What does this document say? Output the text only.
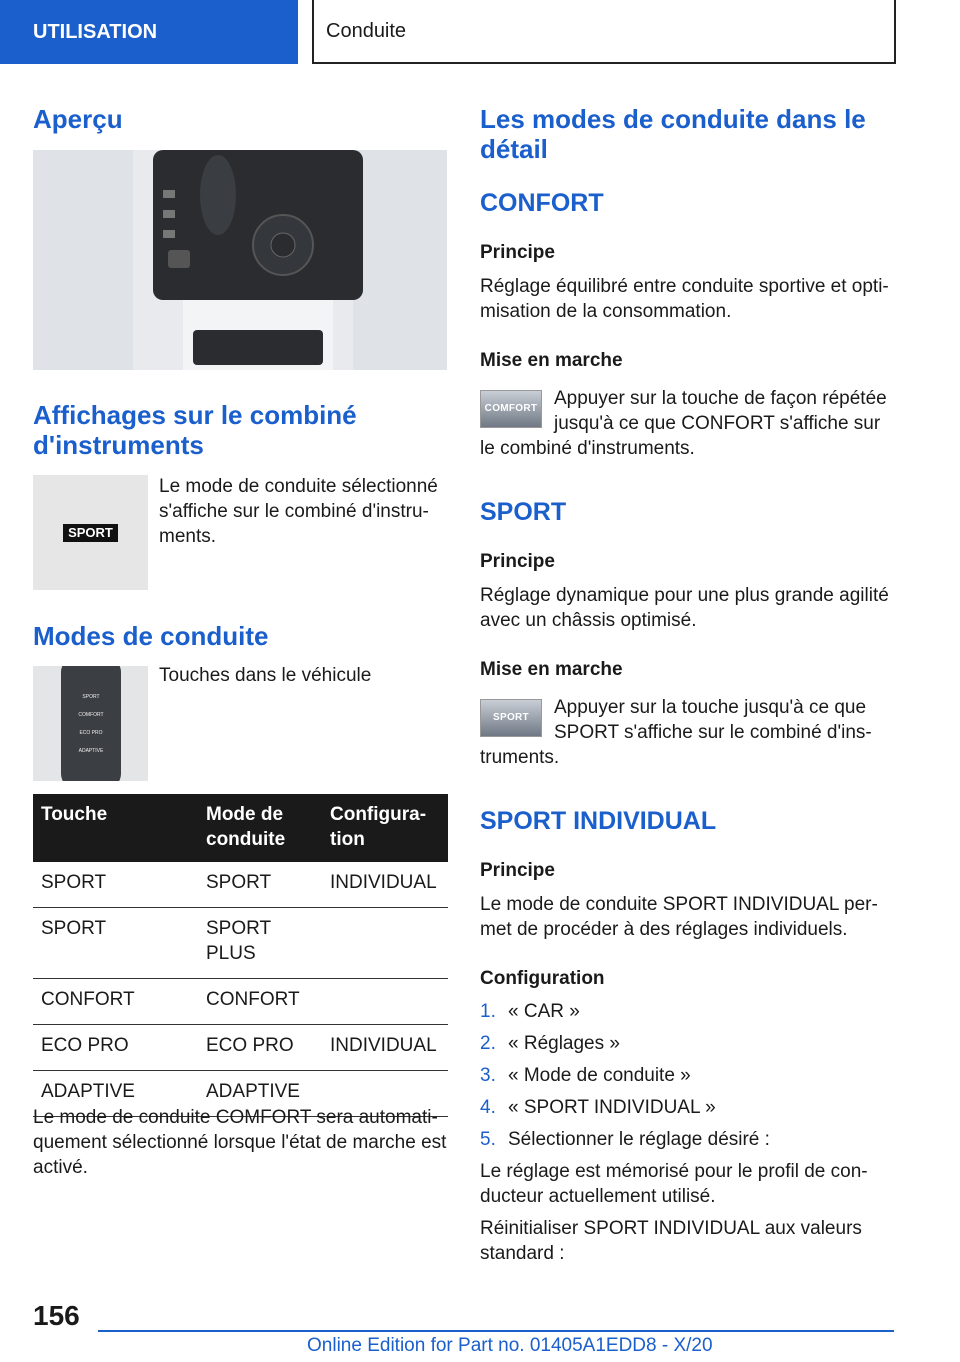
UTILISATION	Conduite
Aperçu
Affichages sur le combiné d'instruments
SPORT

Le mode de conduite sélectionné s'affiche sur le combiné d'instru-ments.

Modes de conduite
SPORT
COMFORT
ECO PRO
ADAPTIVE

Touches dans le véhicule

Touche	Mode de conduite	Configura-tion
SPORT	SPORT	INDIVIDUAL
SPORT	SPORT PLUS	
CONFORT	CONFORT	
ECO PRO	ECO PRO	INDIVIDUAL
ADAPTIVE	ADAPTIVE	

Le mode de conduite COMFORT sera automati-quement sélectionné lorsque l'état de marche est activé.

Les modes de conduite dans le détail
CONFORT
Principe

Réglage équilibré entre conduite sportive et opti-misation de la consommation.

Mise en marche
COMFORT Appuyer sur la touche de façon répétée

jusqu'à ce que CONFORT s'affiche sur

le combiné d'instruments.

SPORT
Principe

Réglage dynamique pour une plus grande agilité avec un châssis optimisé.

Mise en marche
SPORT	Appuyer sur la touche jusqu'à ce que

SPORT s'affiche sur le combiné d'ins-

truments.

SPORT INDIVIDUAL
Principe

Le mode de conduite SPORT INDIVIDUAL per-met de procéder à des réglages individuels.

Configuration
1. « CAR »
2. « Réglages »
3. « Mode de conduite »
4. « SPORT INDIVIDUAL »
5. Sélectionner le réglage désiré :

Le réglage est mémorisé pour le profil de con-ducteur actuellement utilisé.

Réinitialiser SPORT INDIVIDUAL aux valeurs standard :

156
Online Edition for Part no. 01405A1EDD8 - X/20
